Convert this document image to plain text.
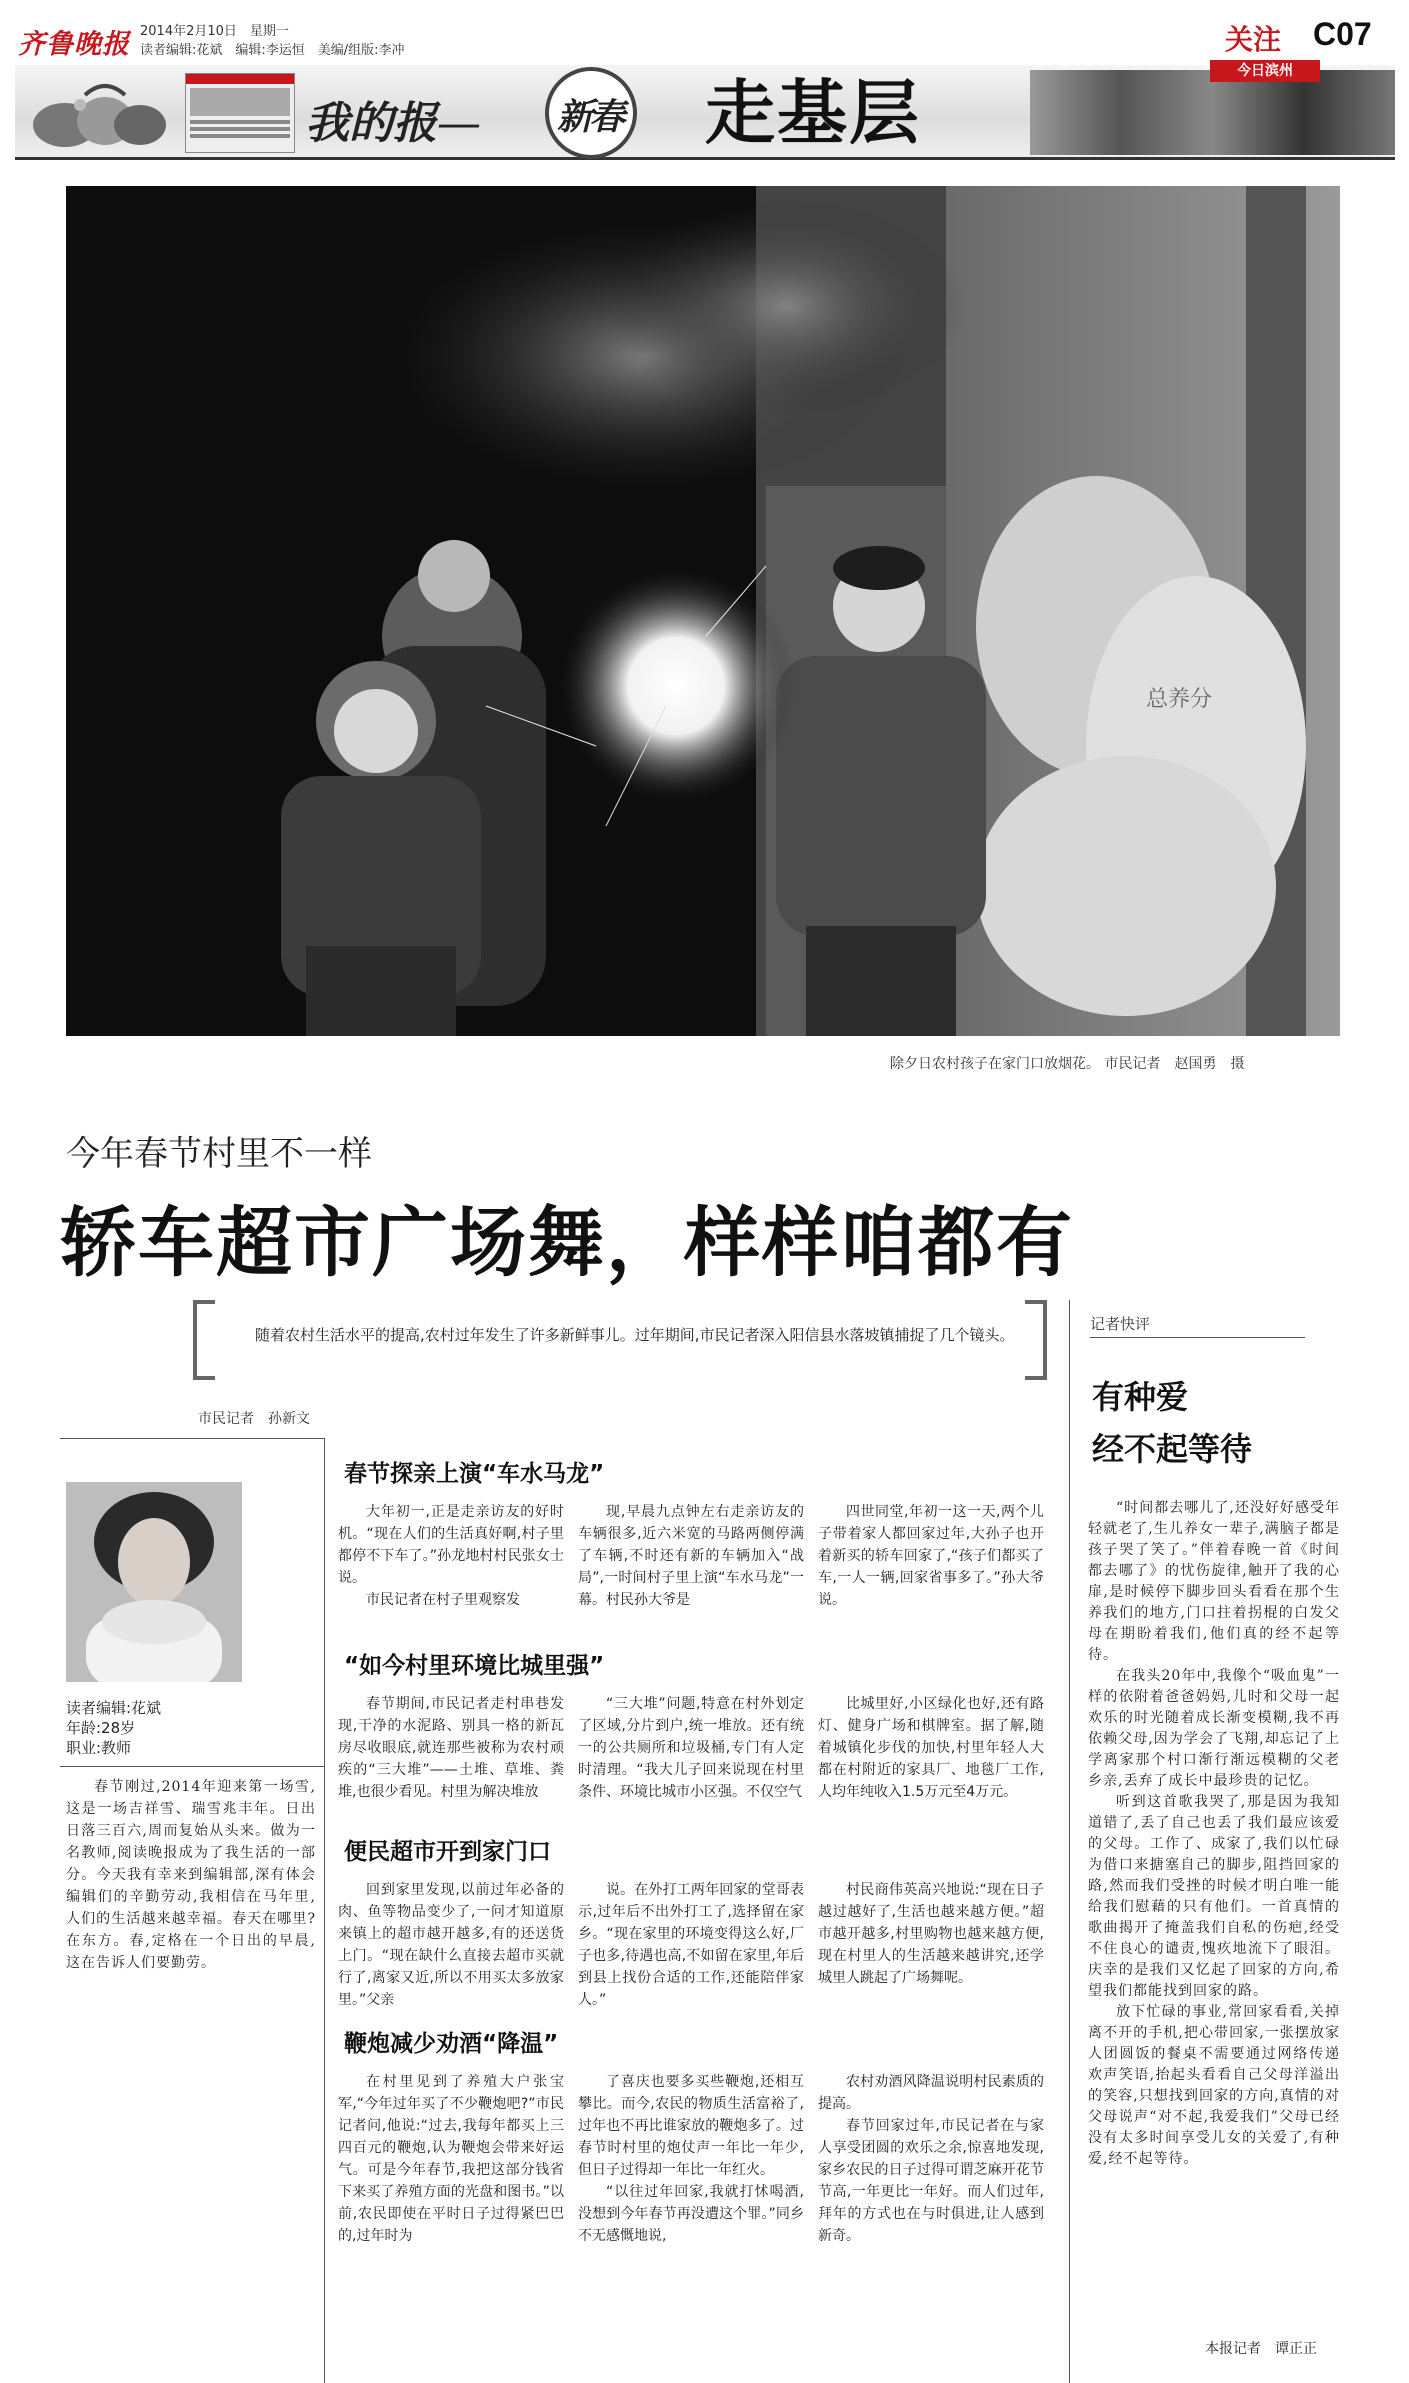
齐鲁晚报 2014年2月10日　星期一
读者编辑:花斌　编辑:李运恒　美编/组版:李冲
我的报— 新春 走基层
关注 C07
今日滨州
总养分
除夕日农村孩子在家门口放烟花。 市民记者　赵国勇　摄
今年春节村里不一样
轿车超市广场舞，样样咱都有

随着农村生活水平的提高,农村过年发生了许多新鲜事儿。过年期间,市民记者深入阳信县水落坡镇捕捉了几个镜头。

市民记者　孙新文
读者编辑:花斌
年龄:28岁
职业:教师

春节刚过,2014年迎来第一场雪,这是一场吉祥雪、瑞雪兆丰年。日出日落三百六,周而复始从头来。做为一名教师,阅读晚报成为了我生活的一部分。今天我有幸来到编辑部,深有体会编辑们的辛勤劳动,我相信在马年里,人们的生活越来越幸福。春天在哪里?在东方。春,定格在一个日出的早晨,这在告诉人们要勤劳。

春节探亲上演“车水马龙”

大年初一,正是走亲访友的好时机。“现在人们的生活真好啊,村子里都停不下车了。”孙龙地村村民张女士说。

市民记者在村子里观察发

现,早晨九点钟左右走亲访友的车辆很多,近六米宽的马路两侧停满了车辆,不时还有新的车辆加入“战局”,一时间村子里上演“车水马龙”一幕。村民孙大爷是

四世同堂,年初一这一天,两个儿子带着家人都回家过年,大孙子也开着新买的轿车回家了,“孩子们都买了车,一人一辆,回家省事多了。”孙大爷说。

“如今村里环境比城里强”

春节期间,市民记者走村串巷发现,干净的水泥路、别具一格的新瓦房尽收眼底,就连那些被称为农村顽疾的“三大堆”——土堆、草堆、粪堆,也很少看见。村里为解决堆放

“三大堆”问题,特意在村外划定了区域,分片到户,统一堆放。还有统一的公共厕所和垃圾桶,专门有人定时清理。“我大儿子回来说现在村里条件、环境比城市小区强。不仅空气

比城里好,小区绿化也好,还有路灯、健身广场和棋牌室。据了解,随着城镇化步伐的加快,村里年轻人大都在村附近的家具厂、地毯厂工作,人均年纯收入1.5万元至4万元。

便民超市开到家门口

回到家里发现,以前过年必备的肉、鱼等物品变少了,一问才知道原来镇上的超市越开越多,有的还送货上门。“现在缺什么直接去超市买就行了,离家又近,所以不用买太多放家里。”父亲

说。在外打工两年回家的堂哥表示,过年后不出外打工了,选择留在家乡。“现在家里的环境变得这么好,厂子也多,待遇也高,不如留在家里,年后到县上找份合适的工作,还能陪伴家人。”

村民商伟英高兴地说:“现在日子越过越好了,生活也越来越方便。”超市越开越多,村里购物也越来越方便,现在村里人的生活越来越讲究,还学城里人跳起了广场舞呢。

鞭炮减少劝酒“降温”

在村里见到了养殖大户张宝军,“今年过年买了不少鞭炮吧?”市民记者问,他说:“过去,我每年都买上三四百元的鞭炮,认为鞭炮会带来好运气。可是今年春节,我把这部分钱省下来买了养殖方面的光盘和图书。”以前,农民即使在平时日子过得紧巴巴的,过年时为

了喜庆也要多买些鞭炮,还相互攀比。而今,农民的物质生活富裕了,过年也不再比谁家放的鞭炮多了。过春节时村里的炮仗声一年比一年少,但日子过得却一年比一年红火。

“以往过年回家,我就打怵喝酒,没想到今年春节再没遭这个罪。”同乡不无感慨地说,

农村劝酒风降温说明村民素质的提高。

春节回家过年,市民记者在与家人享受团圆的欢乐之余,惊喜地发现,家乡农民的日子过得可谓芝麻开花节节高,一年更比一年好。而人们过年,拜年的方式也在与时俱进,让人感到新奇。

记者快评
有种爱
经不起等待

“时间都去哪儿了,还没好好感受年轻就老了,生儿养女一辈子,满脑子都是孩子哭了笑了。”伴着春晚一首《时间都去哪了》的忧伤旋律,触开了我的心扉,是时候停下脚步回头看看在那个生养我们的地方,门口拄着拐棍的白发父母在期盼着我们,他们真的经不起等待。

在我头20年中,我像个“吸血鬼”一样的依附着爸爸妈妈,儿时和父母一起欢乐的时光随着成长渐变模糊,我不再依赖父母,因为学会了飞翔,却忘记了上学离家那个村口渐行渐远模糊的父老乡亲,丢弃了成长中最珍贵的记忆。

听到这首歌我哭了,那是因为我知道错了,丢了自己也丢了我们最应该爱的父母。工作了、成家了,我们以忙碌为借口来搪塞自己的脚步,阻挡回家的路,然而我们受挫的时候才明白唯一能给我们慰藉的只有他们。一首真情的歌曲揭开了掩盖我们自私的伤疤,经受不住良心的谴责,愧疚地流下了眼泪。庆幸的是我们又忆起了回家的方向,希望我们都能找到回家的路。

放下忙碌的事业,常回家看看,关掉离不开的手机,把心带回家,一张摆放家人团圆饭的餐桌不需要通过网络传递欢声笑语,抬起头看看自己父母洋溢出的笑容,只想找到回家的方向,真情的对父母说声“对不起,我爱我们”父母已经没有太多时间享受儿女的关爱了,有种爱,经不起等待。

本报记者　谭正正
